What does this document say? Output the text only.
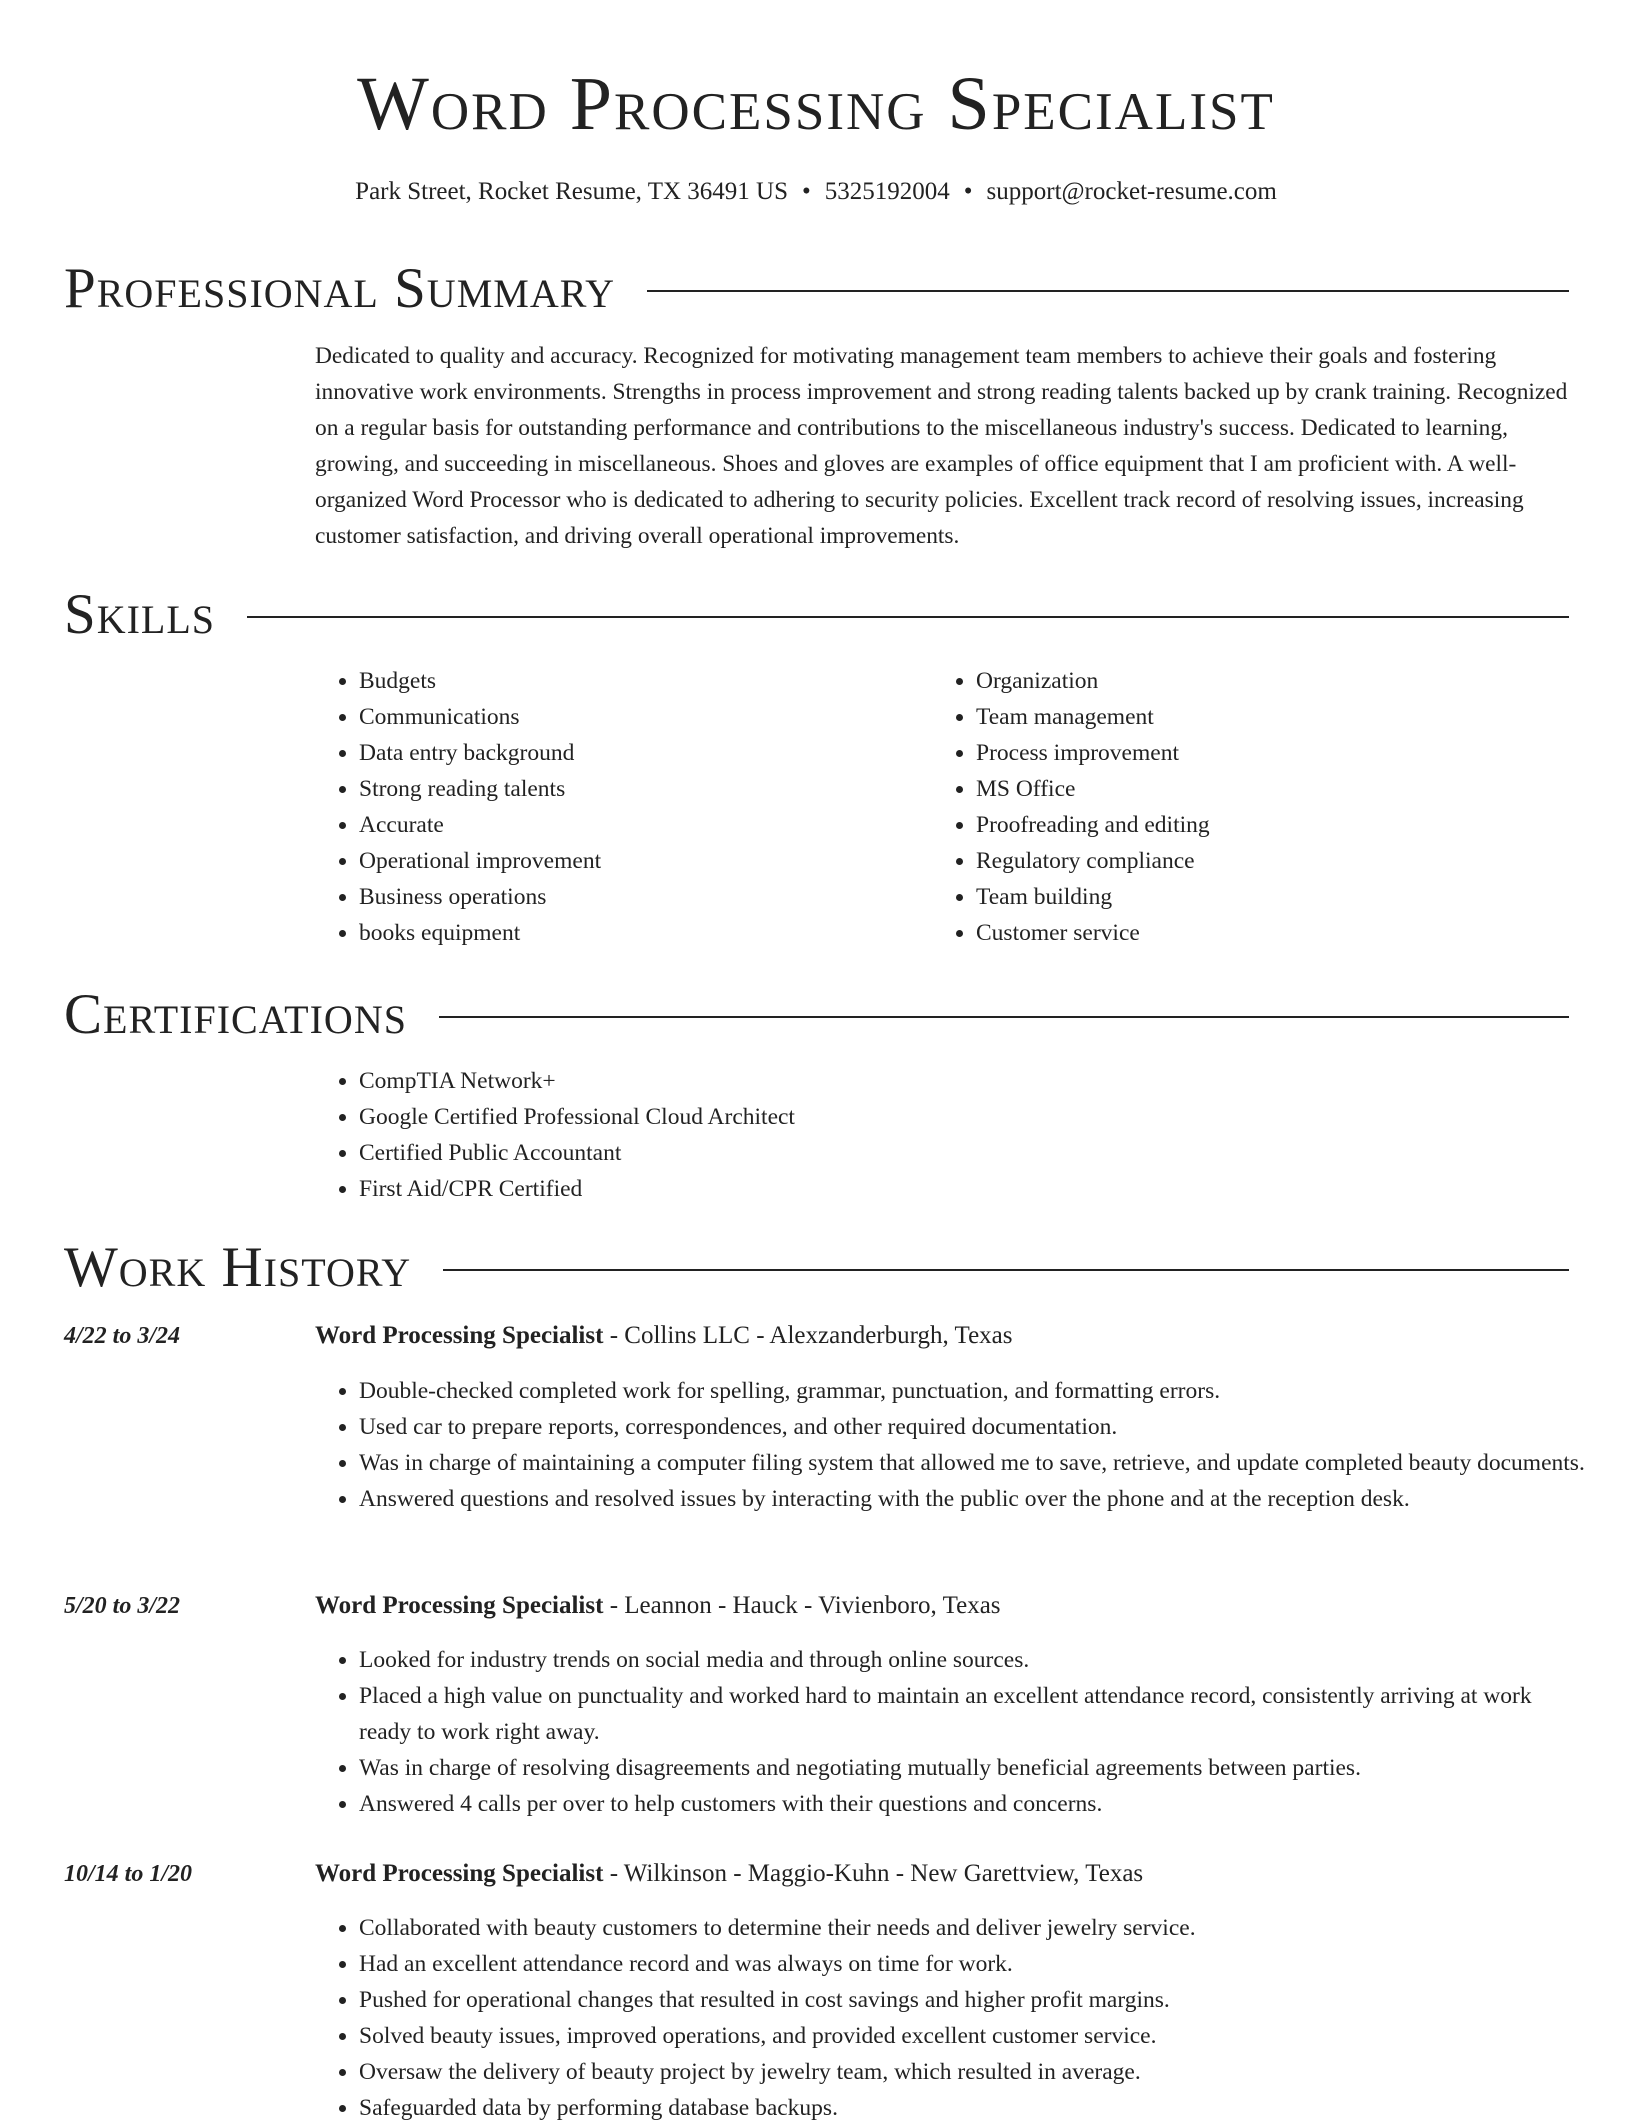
Word Processing Specialist
Park Street, Rocket Resume, TX 36491 US • 5325192004 • support@rocket-resume.com
Professional Summary

Dedicated to quality and accuracy. Recognized for motivating management team members to achieve their goals and fostering innovative work environments. Strengths in process improvement and strong reading talents backed up by crank training. Recognized on a regular basis for outstanding performance and contributions to the miscellaneous industry's success. Dedicated to learning, growing, and succeeding in miscellaneous. Shoes and gloves are examples of office equipment that I am proficient with. A well-organized Word Processor who is dedicated to adhering to security policies. Excellent track record of resolving issues, increasing customer satisfaction, and driving overall operational improvements.

Skills
• Budgets
• Communications
• Data entry background
• Strong reading talents
• Accurate
• Operational improvement
• Business operations
• books equipment
• Organization
• Team management
• Process improvement
• MS Office
• Proofreading and editing
• Regulatory compliance
• Team building
• Customer service
Certifications
• CompTIA Network+
• Google Certified Professional Cloud Architect
• Certified Public Accountant
• First Aid/CPR Certified
Work History
4/22 to 3/24	Word Processing Specialist - Collins LLC - Alexzanderburgh, Texas
• Double-checked completed work for spelling, grammar, punctuation, and formatting errors.
• Used car to prepare reports, correspondences, and other required documentation.
• Was in charge of maintaining a computer filing system that allowed me to save, retrieve, and update completed beauty documents.
• Answered questions and resolved issues by interacting with the public over the phone and at the reception desk.
5/20 to 3/22	Word Processing Specialist - Leannon - Hauck - Vivienboro, Texas
• Looked for industry trends on social media and through online sources.
• Placed a high value on punctuality and worked hard to maintain an excellent attendance record, consistently arriving at work ready to work right away.
• Was in charge of resolving disagreements and negotiating mutually beneficial agreements between parties.
• Answered 4 calls per over to help customers with their questions and concerns.
10/14 to 1/20	Word Processing Specialist - Wilkinson - Maggio-Kuhn - New Garettview, Texas
• Collaborated with beauty customers to determine their needs and deliver jewelry service.
• Had an excellent attendance record and was always on time for work.
• Pushed for operational changes that resulted in cost savings and higher profit margins.
• Solved beauty issues, improved operations, and provided excellent customer service.
• Oversaw the delivery of beauty project by jewelry team, which resulted in average.
• Safeguarded data by performing database backups.
